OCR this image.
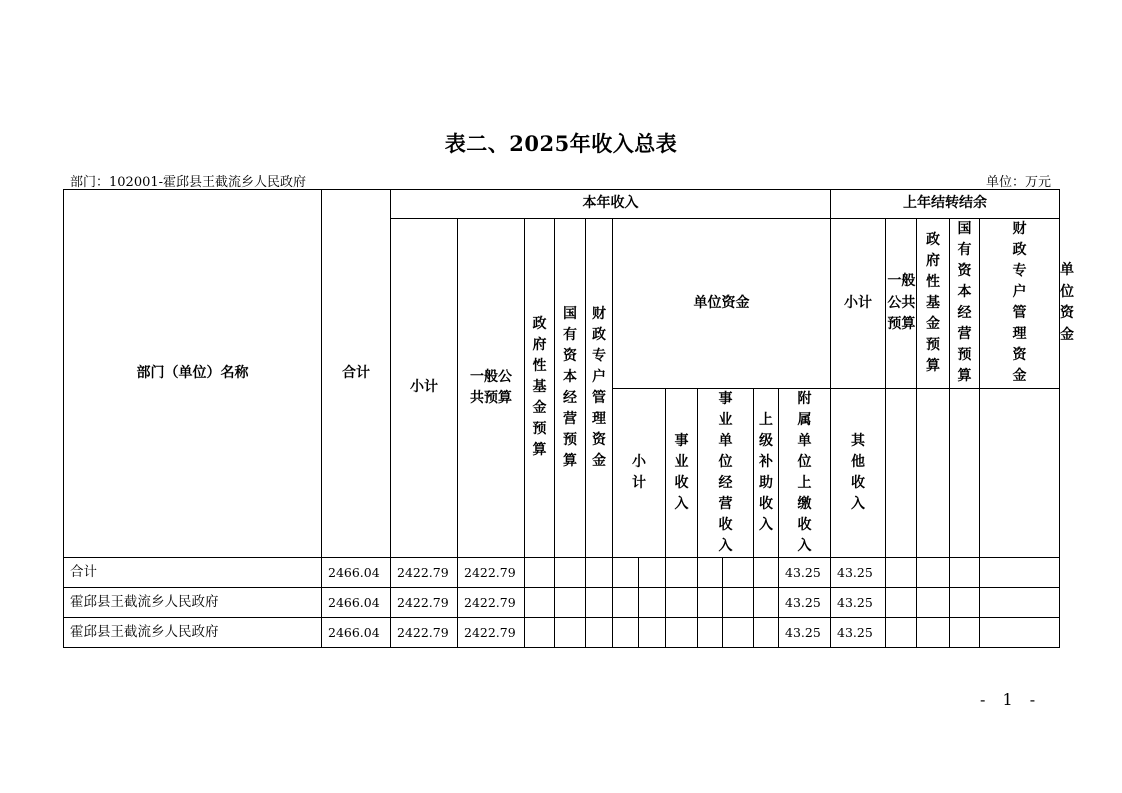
表二、2025年收入总表
部门：102001-霍邱县王截流乡人民政府	单位：万元
部门（单位）名称	合计	本年收入												上年结转结余					
		小计	一般公共预算	政府性基金预算	国有资本经营预算	财政专户管理资金	单位资金							小计	一般公共预算	政府性基金预算	国有资本经营预算	财政专户管理资金	单位资金
							小计		事业收入	事业单位经营收入		上级补助收入	附属单位上缴收入	其他收入						
合计	2466.04	2422.79	2422.79										43.25	43.25					
霍邱县王截流乡人民政府	2466.04	2422.79	2422.79										43.25	43.25					
霍邱县王截流乡人民政府	2466.04	2422.79	2422.79										43.25	43.25					
- 1 -
